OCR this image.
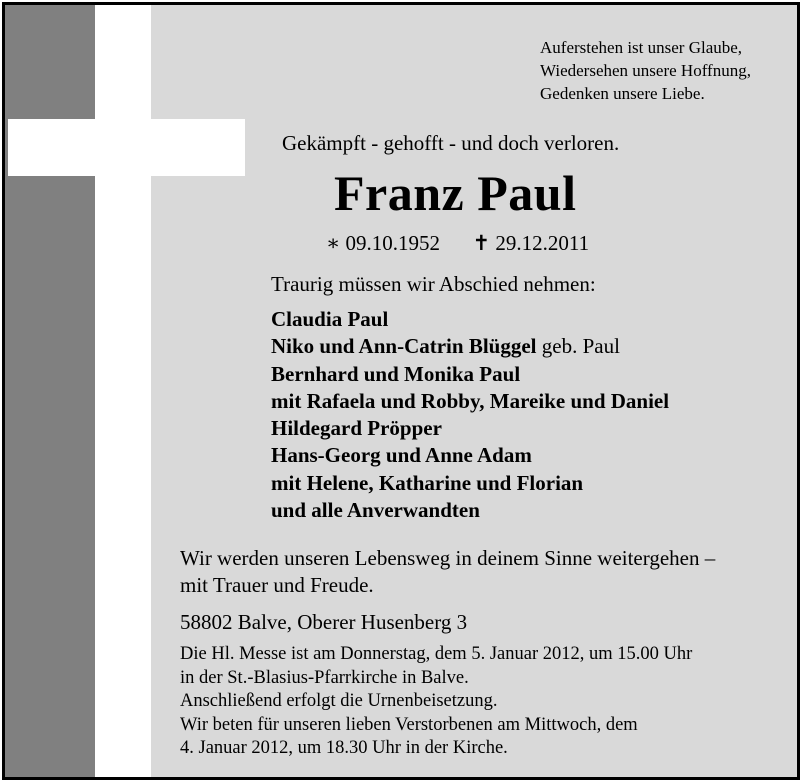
Auferstehen ist unser Glaube,
Wiedersehen unsere Hoffnung,
Gedenken unsere Liebe.
Gekämpft - gehofft - und doch verloren.
Franz Paul
∗ 09.10.1952 ✝ 29.12.2011
Traurig müssen wir Abschied nehmen:
Claudia Paul
Niko und Ann-Catrin Blüggel geb. Paul
Bernhard und Monika Paul
mit Rafaela und Robby, Mareike und Daniel
Hildegard Pröpper
Hans-Georg und Anne Adam
mit Helene, Katharine und Florian
und alle Anverwandten
Wir werden unseren Lebensweg in deinem Sinne weitergehen –
mit Trauer und Freude.
58802 Balve, Oberer Husenberg 3
Die Hl. Messe ist am Donnerstag, dem 5. Januar 2012, um 15.00 Uhr
in der St.-Blasius-Pfarrkirche in Balve.
Anschließend erfolgt die Urnenbeisetzung.
Wir beten für unseren lieben Verstorbenen am Mittwoch, dem
4. Januar 2012, um 18.30 Uhr in der Kirche.
